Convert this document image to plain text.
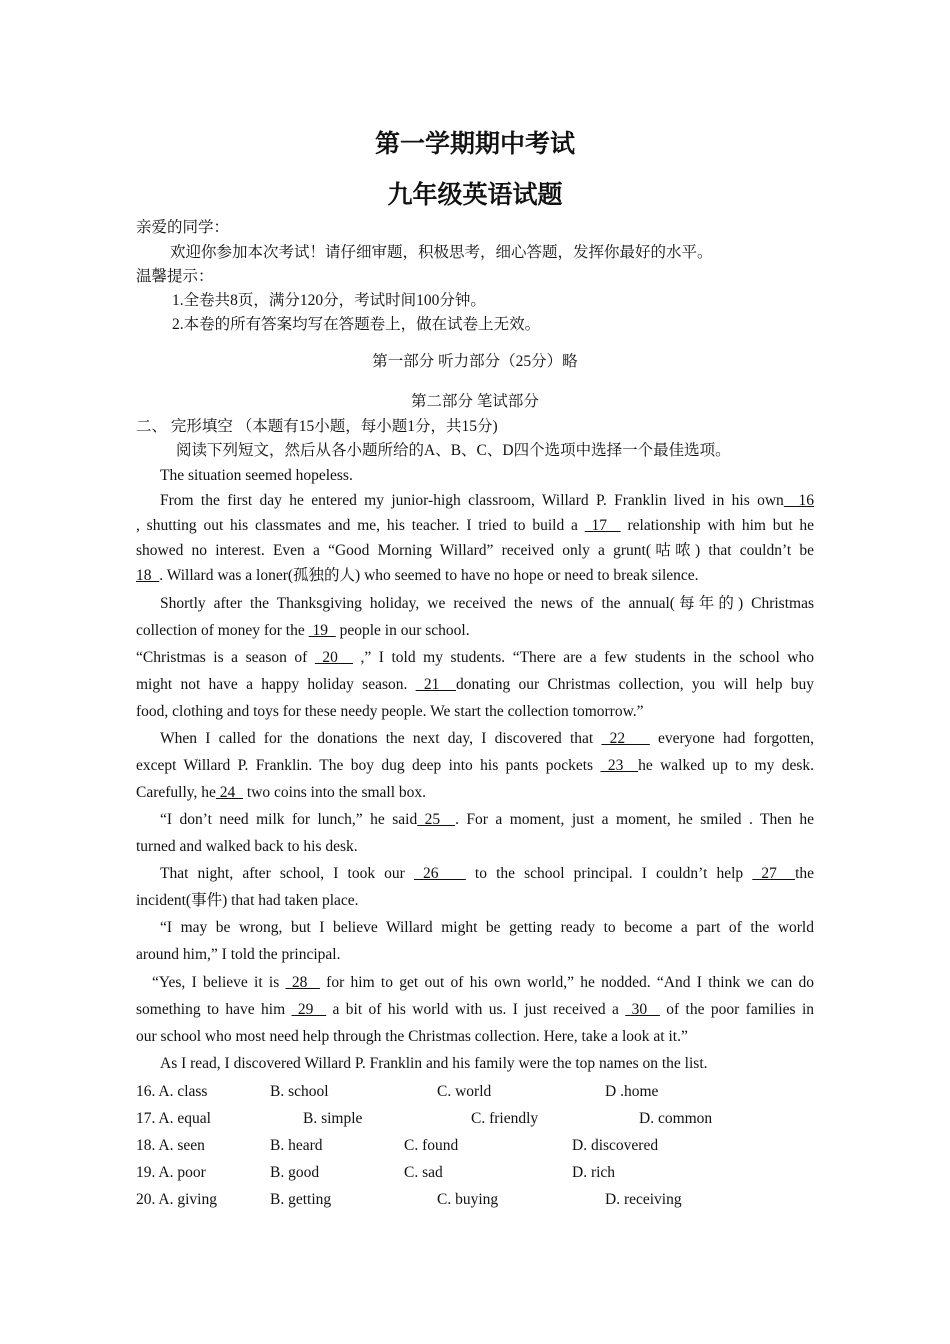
第一学期期中考试
九年级英语试题
亲爱的同学：
欢迎你参加本次考试！请仔细审题，积极思考，细心答题，发挥你最好的水平。
温馨提示：
1.全卷共8页，满分120分，考试时间100分钟。
2.本卷的所有答案均写在答题卷上，做在试卷上无效。
第一部分 听力部分（25分）略
第二部分 笔试部分
二、 完形填空 （本题有15小题，每小题1分，共15分)
阅读下列短文，然后从各小题所给的A、B、C、D四个选项中选择一个最佳选项。
The situation seemed hopeless.
From the first day he entered my junior-high classroom, Willard P. Franklin lived in his own  16
, shutting out his classmates and me, his teacher. I tried to build a  17   relationship with him but he
showed no interest. Even a “Good Morning Willard” received only a grunt(咕哝) that couldn’t be
18  . Willard was a loner(孤独的人) who seemed to have no hope or need to break silence.
Shortly after the Thanksgiving holiday, we received the news of the annual(每年的) Christmas
collection of money for the  19   people in our school.
“Christmas is a season of  20   ,” I told my students. “There are a few students in the school who
might not have a happy holiday season.  21  donating our Christmas collection, you will help buy
food, clothing and toys for these needy people. We start the collection tomorrow.”
When I called for the donations the next day, I discovered that  22    everyone had forgotten,
except Willard P. Franklin. The boy dug deep into his pants pockets  23  he walked up to my desk.
Carefully, he 24   two coins into the small box.
“I don’t need milk for lunch,” he said 25  . For a moment, just a moment, he smiled . Then he
turned and walked back to his desk.
That night, after school, I took our  26    to the school principal. I couldn’t help  27  the
incident(事件) that had taken place.
“I may be wrong, but I believe Willard might be getting ready to become a part of the world
around him,” I told the principal.
“Yes, I believe it is  28   for him to get out of his own world,” he nodded. “And I think we can do
something to have him  29   a bit of his world with us. I just received a  30   of the poor families in
our school who most need help through the Christmas collection. Here, take a look at it.”
As I read, I discovered Willard P. Franklin and his family were the top names on the list.
16. A. class	B. school	C. world	D .home
17. A. equal	B. simple	C. friendly	D. common
18. A. seen	B. heard	C. found	D. discovered
19. A. poor	B. good	C. sad	D. rich
20. A. giving	B. getting	C. buying	D. receiving
